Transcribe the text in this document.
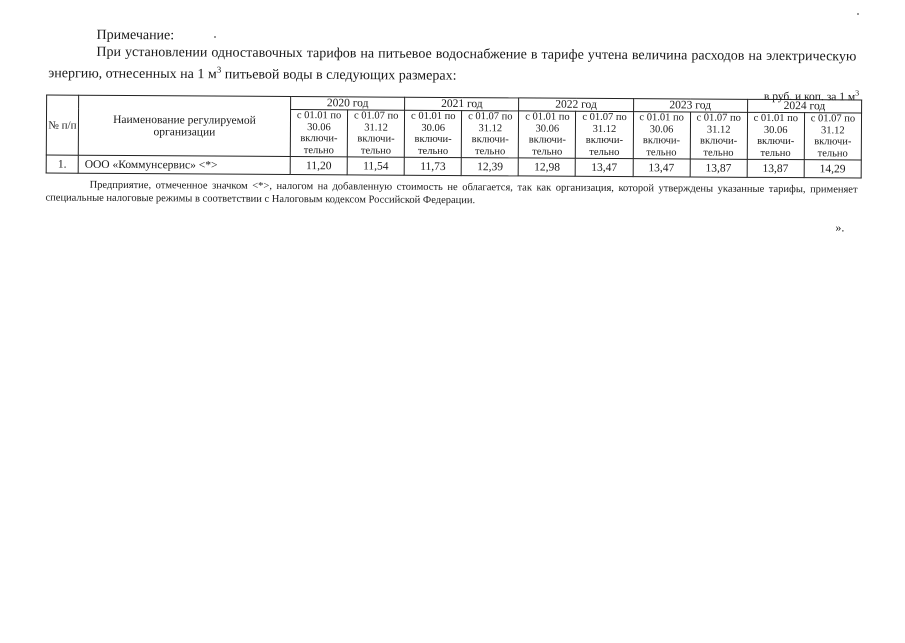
Примечание:
При установлении одноставочных тарифов на питьевое водоснабжение в тарифе учтена величина расходов на электрическую энергию, отнесенных на 1 $м^3$ питьевой воды в следующих размерах:
в руб. и коп. за 1 $м^3$
№ п/п	Наименование регулируемой организации	2020 год		2021 год		2022 год		2023 год		2024 год	
		с 01.01 по 30.06 включи-тельно	с 01.07 по 31.12 включи-тельно	с 01.01 по 30.06 включи-тельно	с 01.07 по 31.12 включи-тельно	с 01.01 по 30.06 включи-тельно	с 01.07 по 31.12 включи-тельно	с 01.01 по 30.06 включи-тельно	с 01.07 по 31.12 включи-тельно	с 01.01 по 30.06 включи-тельно	с 01.07 по 31.12 включи-тельно
1.	ООО «Коммунсервис» <*>	11,20	11,54	11,73	12,39	12,98	13,47	13,47	13,87	13,87	14,29
Предприятие, отмеченное значком <*>, налогом на добавленную стоимость не облагается, так как организация, которой утверждены указанные тарифы, применяет специальные налоговые режимы в соответствии с Налоговым кодексом Российской Федерации.
».
